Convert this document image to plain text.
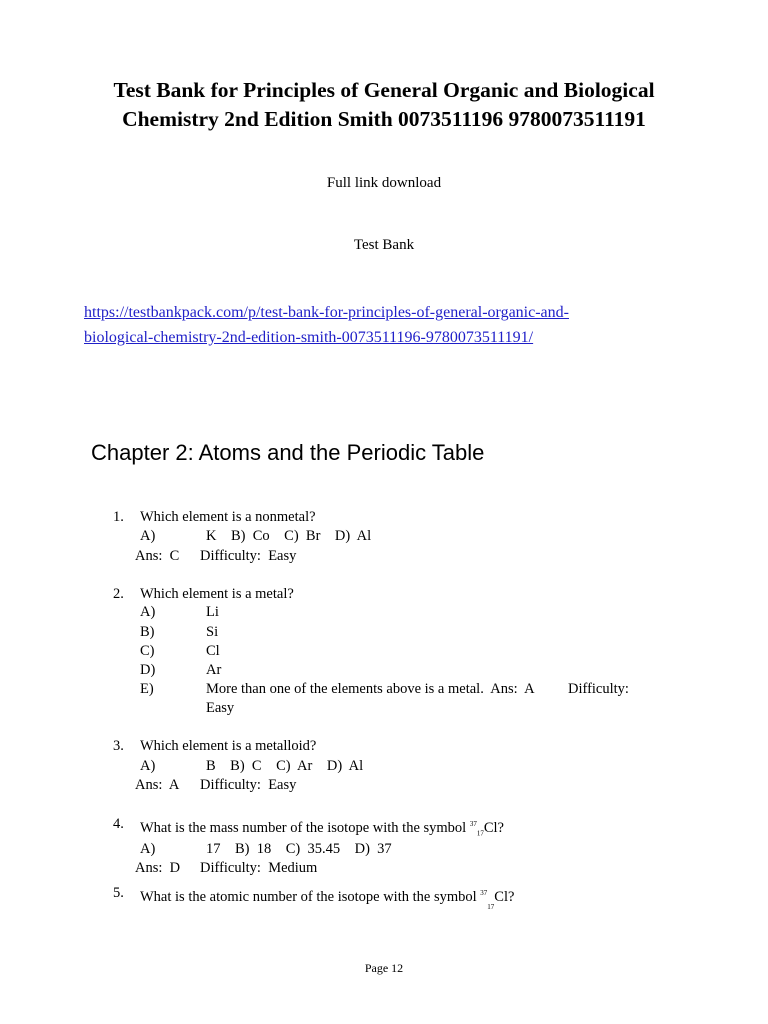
Test Bank for Principles of General Organic and Biological
Chemistry 2nd Edition Smith 0073511196 9780073511191
Full link download
Test Bank
https://testbankpack.com/p/test-bank-for-principles-of-general-organic-and-
biological-chemistry-2nd-edition-smith-0073511196-9780073511191/
Chapter 2: Atoms and the Periodic Table
1. Which element is a nonmetal?
A)	K    B)  Co    C)  Br    D)  Al
Ans:  C Difficulty:  Easy
2. Which element is a metal?
A)	Li
B)	Si
C)	Cl
D)	Ar
E)	More than one of the elements above is a metal.  Ans:  A Difficulty:
Easy
3. Which element is a metalloid?
A)	B    B)  C    C)  Ar    D)  Al
Ans:  A Difficulty:  Easy
4. What is the mass number of the isotope with the symbol $^{37}_{17}$Cl?
A)	17    B)  18    C)  35.45    D)  37
Ans:  D Difficulty:  Medium
5. What is the atomic number of the isotope with the symbol $^{37}_{17}$Cl?
Page 12
